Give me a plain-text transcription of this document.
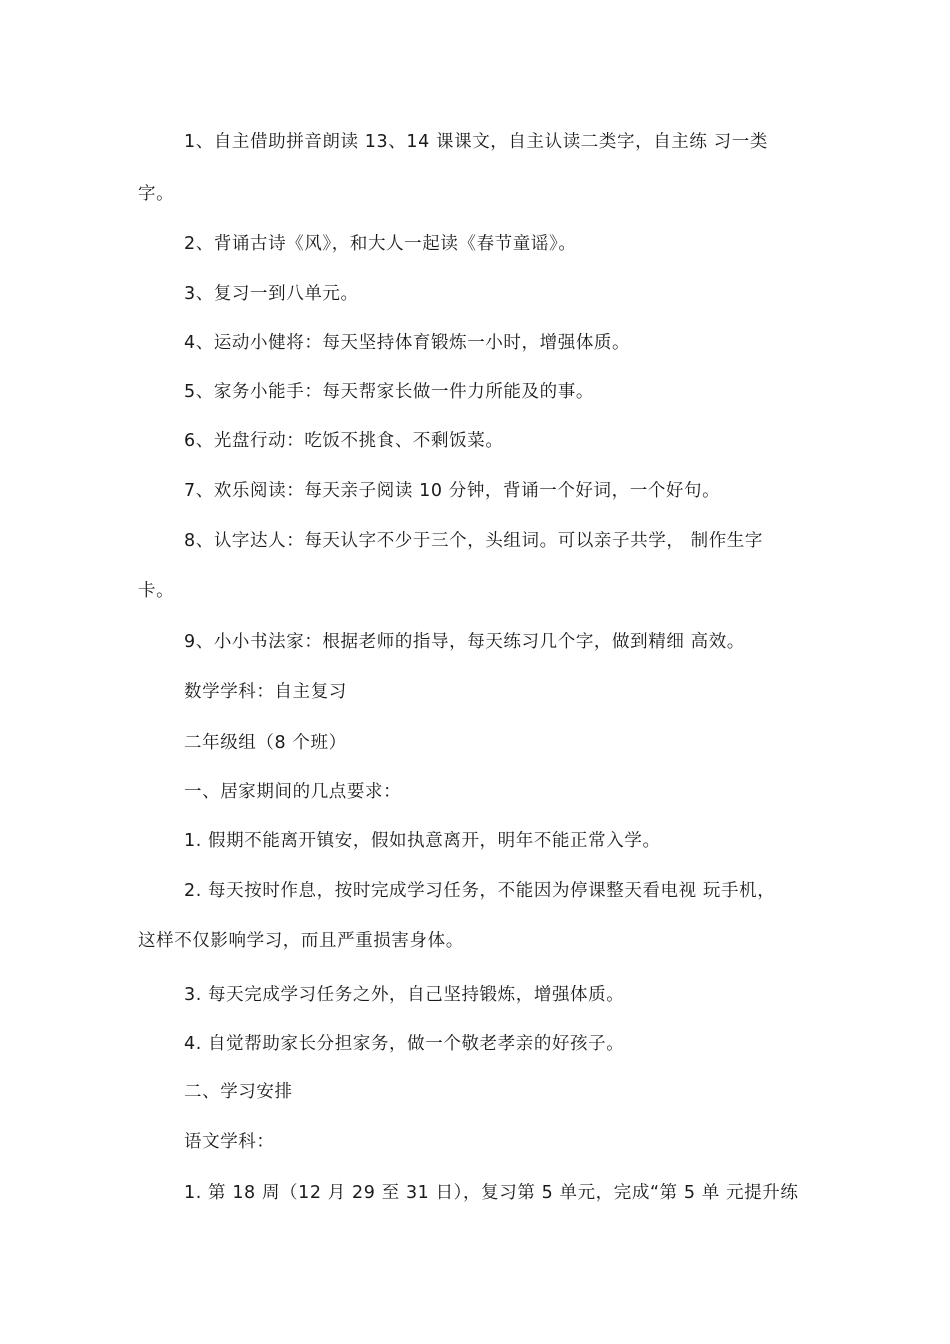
1、自主借助拼音朗读 13、14 课课文，自主认读二类字，自主练 习一类
字。
2、背诵古诗《风》，和大人一起读《春节童谣》。
3、复习一到八单元。
4、运动小健将：每天坚持体育锻炼一小时，增强体质。
5、家务小能手：每天帮家长做一件力所能及的事。
6、光盘行动：吃饭不挑食、不剩饭菜。
7、欢乐阅读：每天亲子阅读 10 分钟，背诵一个好词，一个好句。
8、认字达人：每天认字不少于三个，头组词。可以亲子共学， 制作生字
卡。
9、小小书法家：根据老师的指导，每天练习几个字，做到精细 高效。
数学学科：自主复习
二年级组（8 个班）
一、居家期间的几点要求：
1. 假期不能离开镇安，假如执意离开，明年不能正常入学。
2. 每天按时作息，按时完成学习任务，不能因为停课整天看电视 玩手机，
这样不仅影响学习，而且严重损害身体。
3. 每天完成学习任务之外，自己坚持锻炼，增强体质。
4. 自觉帮助家长分担家务，做一个敬老孝亲的好孩子。
二、学习安排
语文学科：
1. 第 18 周（12 月 29 至 31 日），复习第 5 单元，完成“第 5 单 元提升练
